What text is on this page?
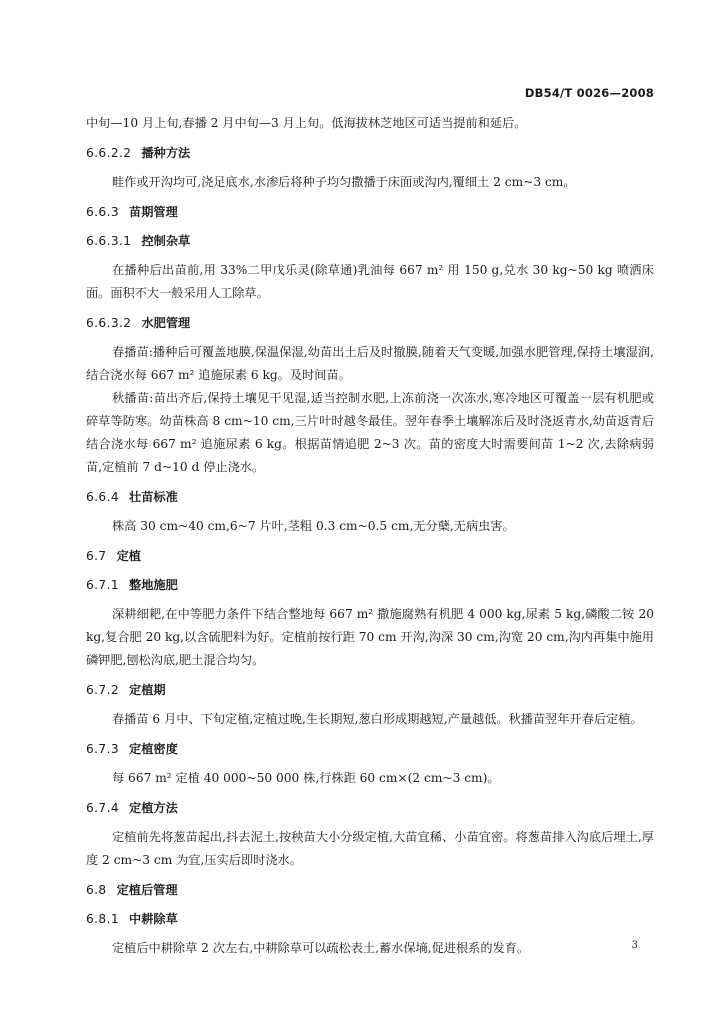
DB54/T 0026—2008

中旬—10 月上旬,春播 2 月中旬—3 月上旬。低海拔林芝地区可适当提前和延后。

6.6.2.2 播种方法

畦作或开沟均可,浇足底水,水渗后将种子均匀撒播于床面或沟内,覆细土 2 cm~3 cm。

6.6.3 苗期管理
6.6.3.1 控制杂草

在播种后出苗前,用 33%二甲戊乐灵(除草通)乳油每 667 m² 用 150 g,兑水 30 kg~50 kg 喷洒床面。面积不大一般采用人工除草。

6.6.3.2 水肥管理

春播苗:播种后可覆盖地膜,保温保湿,幼苗出土后及时撤膜,随着天气变暖,加强水肥管理,保持土壤湿润,结合浇水每 667 m² 追施尿素 6 kg。及时间苗。

秋播苗:苗出齐后,保持土壤见干见湿,适当控制水肥,上冻前浇一次冻水,寒冷地区可覆盖一层有机肥或碎草等防寒。幼苗株高 8 cm~10 cm,三片叶时越冬最佳。翌年春季土壤解冻后及时浇返青水,幼苗返青后结合浇水每 667 m² 追施尿素 6 kg。根据苗情追肥 2~3 次。苗的密度大时需要间苗 1~2 次,去除病弱苗,定植前 7 d~10 d 停止浇水。

6.6.4 壮苗标准

株高 30 cm~40 cm,6~7 片叶,茎粗 0.3 cm~0.5 cm,无分蘖,无病虫害。

6.7 定植
6.7.1 整地施肥

深耕细耙,在中等肥力条件下结合整地每 667 m² 撒施腐熟有机肥 4 000 kg,尿素 5 kg,磷酸二铵 20 kg,复合肥 20 kg,以含硫肥料为好。定植前按行距 70 cm 开沟,沟深 30 cm,沟宽 20 cm,沟内再集中施用磷钾肥,刨松沟底,肥土混合均匀。

6.7.2 定植期

春播苗 6 月中、下旬定植,定植过晚,生长期短,葱白形成期越短,产量越低。秋播苗翌年开春后定植。

6.7.3 定植密度

每 667 m² 定植 40 000~50 000 株,行株距 60 cm×(2 cm~3 cm)。

6.7.4 定植方法

定植前先将葱苗起出,抖去泥土,按秧苗大小分级定植,大苗宜稀、小苗宜密。将葱苗排入沟底后埋土,厚度 2 cm~3 cm 为宜,压实后即时浇水。

6.8 定植后管理
6.8.1 中耕除草

定植后中耕除草 2 次左右,中耕除草可以疏松表土,蓄水保墒,促进根系的发育。	3
